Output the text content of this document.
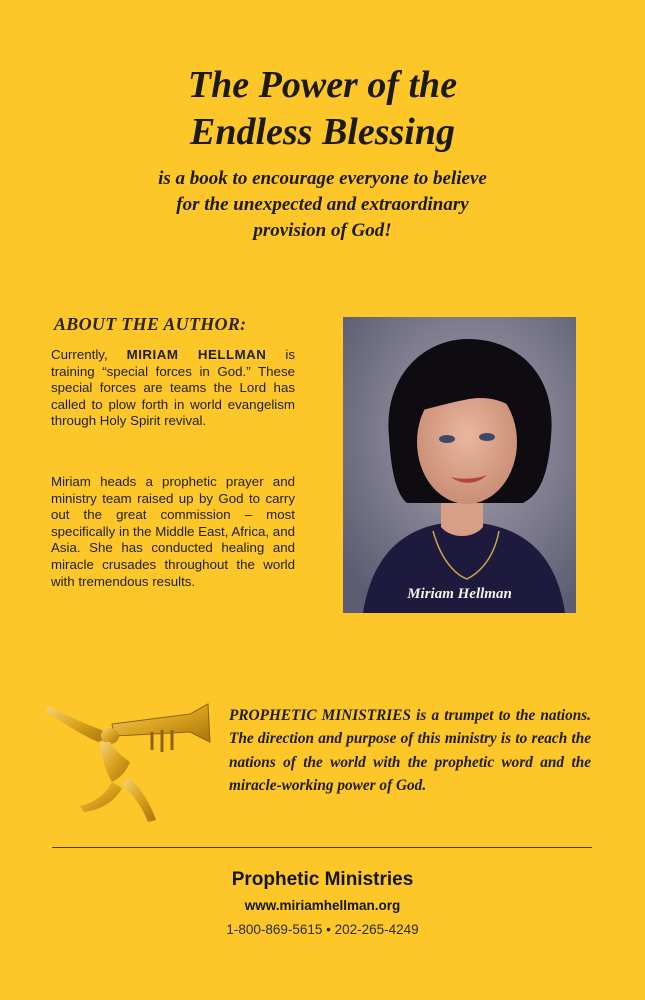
The Power of the
Endless Blessing
is a book to encourage everyone to believe
for the unexpected and extraordinary
provision of God!
ABOUT THE AUTHOR:
Currently, MIRIAM HELLMAN is training “special forces in God.” These special forces are teams the Lord has called to plow forth in world evangelism through Holy Spirit revival.
Miriam heads a prophetic prayer and ministry team raised up by God to carry out the great commission – most specifically in the Middle East, Africa, and Asia. She has conducted healing and miracle crusades throughout the world with tremendous results.
Miriam Hellman
PROPHETIC MINISTRIES is a trumpet to the nations. The direction and purpose of this ministry is to reach the nations of the world with the prophetic word and the miracle-working power of God.
Prophetic Ministries
www.miriamhellman.org
1-800-869-5615 • 202-265-4249
